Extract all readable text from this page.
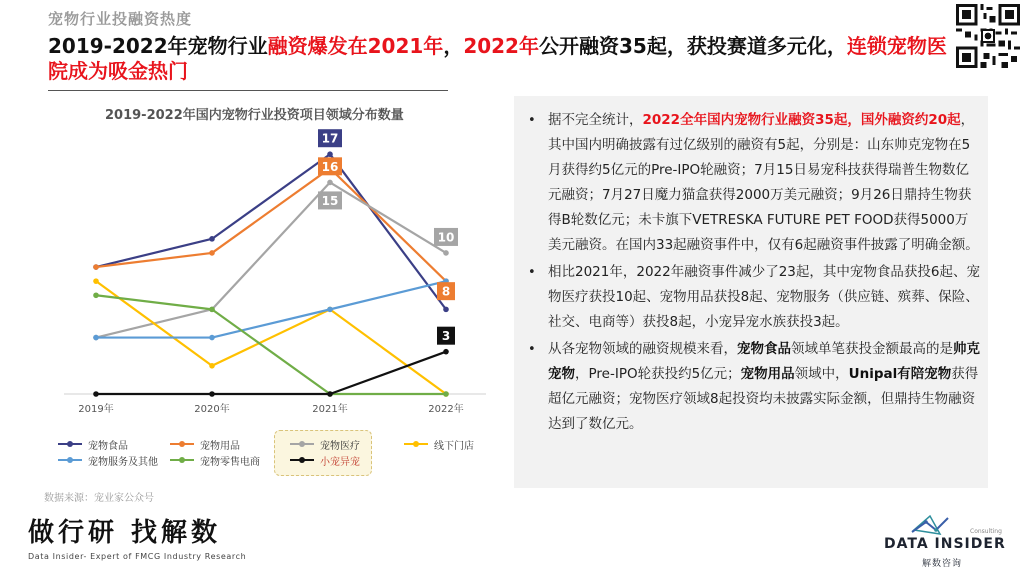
宠物行业投融资热度
2019-2022年宠物行业融资爆发在2021年，2022年公开融资35起，获投赛道多元化，连锁宠物医院成为吸金热门
2019-2022年国内宠物行业投资项目领域分布数量
2019年	2020年	2021年	2022年
17
16
15
10
8
3
宠物食品	宠物用品	宠物医疗	线下门店
宠物服务及其他	宠物零售电商	小宠异宠
数据来源：宠业家公众号
做行研 找解数
Data Insider- Expert of FMCG Industry Research
• 据不完全统计，2022全年国内宠物行业融资35起，国外融资约20起，其中国内明确披露有过亿级别的融资有5起，分别是：山东帅克宠物在5月获得约5亿元的Pre-IPO轮融资；7月15日易宠科技获得瑞普生物数亿元融资；7月27日魔力猫盒获得2000万美元融资；9月26日鼎持生物获得B轮数亿元；未卡旗下VETRESKA FUTURE PET FOOD获得5000万美元融资。在国内33起融资事件中，仅有6起融资事件披露了明确金额。
• 相比2021年，2022年融资事件减少了23起，其中宠物食品获投6起、宠物医疗获投10起、宠物用品获投8起、宠物服务（供应链、殡葬、保险、社交、电商等）获投8起，小宠异宠水族获投3起。
• 从各宠物领域的融资规模来看，宠物食品领域单笔获投金额最高的是帅克宠物，Pre-IPO轮获投约5亿元；宠物用品领域中，Unipal有陪宠物获得超亿元融资；宠物医疗领域8起投资均未披露实际金额，但鼎持生物融资达到了数亿元。
Consulting
DATA INSIDER
解数咨询
